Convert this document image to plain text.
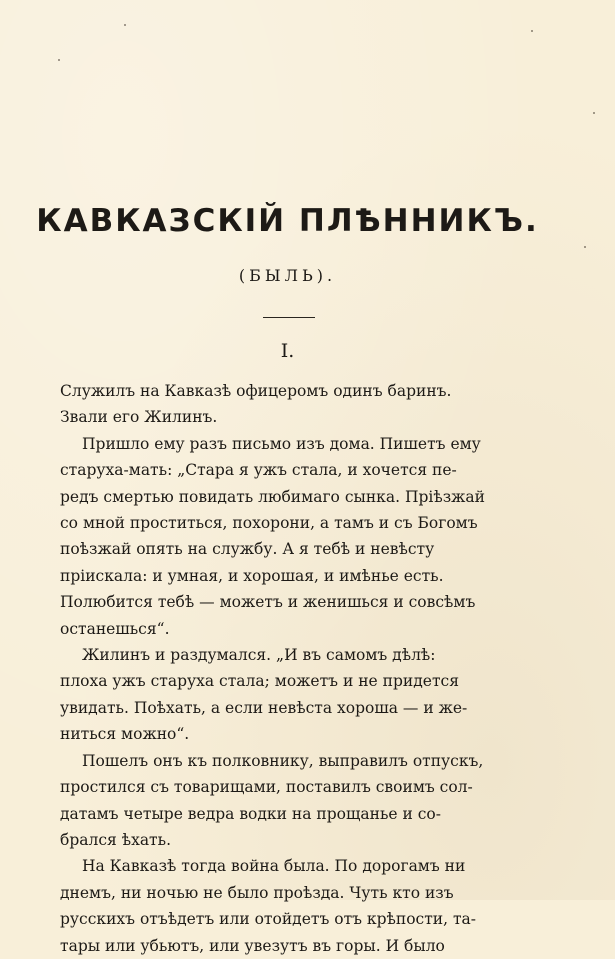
КАВКАЗСКІЙ ПЛѢННИКЪ.
(БЫЛЬ).
I.
Служилъ на Кавказѣ офицеромъ одинъ баринъ.
Звали его Жилинъ.
Пришло ему разъ письмо изъ дома. Пишетъ ему
старуха-мать: „Стара я ужъ стала, и хочется пе-
редъ смертью повидать любимаго сынка. Пріѣзжай
со мной проститься, похорони, а тамъ и съ Богомъ
поѣзжай опять на службу. А я тебѣ и невѣсту
пріискала: и умная, и хорошая, и имѣнье есть.
Полюбится тебѣ — можетъ и женишься и совсѣмъ
останешься“.
Жилинъ и раздумался. „И въ самомъ дѣлѣ:
плоха ужъ старуха стала; можетъ и не придется
увидать. Поѣхать, а если невѣста хороша — и же-
ниться можно“.
Пошелъ онъ къ полковнику, выправилъ отпускъ,
простился съ товарищами, поставилъ своимъ сол-
датамъ четыре ведра водки на прощанье и со-
брался ѣхать.
На Кавказѣ тогда война была. По дорогамъ ни
днемъ, ни ночью не было проѣзда. Чуть кто изъ
русскихъ отъѣдетъ или отойдетъ отъ крѣпости, та-
тары или убьютъ, или увезутъ въ горы. И было
